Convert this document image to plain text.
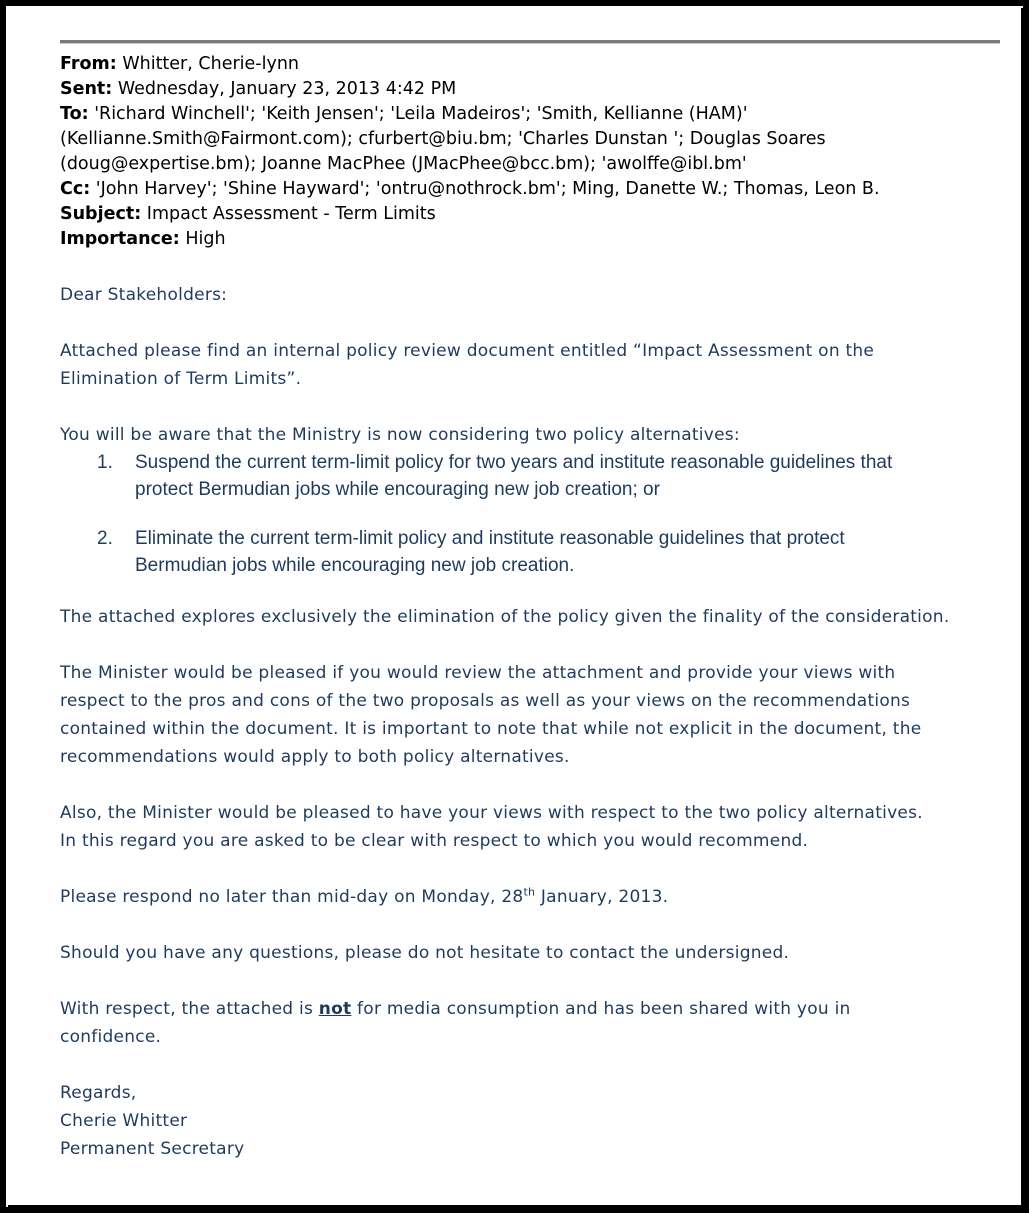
From: Whitter, Cherie-lynn
Sent: Wednesday, January 23, 2013 4:42 PM
To: 'Richard Winchell'; 'Keith Jensen'; 'Leila Madeiros'; 'Smith, Kellianne (HAM)'
(Kellianne.Smith@Fairmont.com); cfurbert@biu.bm; 'Charles Dunstan '; Douglas Soares
(doug@expertise.bm); Joanne MacPhee (JMacPhee@bcc.bm); 'awolffe@ibl.bm'
Cc: 'John Harvey'; 'Shine Hayward'; 'ontru@nothrock.bm'; Ming, Danette W.; Thomas, Leon B.
Subject: Impact Assessment - Term Limits
Importance: High

Dear Stakeholders:

Attached please find an internal policy review document entitled “Impact Assessment on the

Elimination of Term Limits”.

You will be aware that the Ministry is now considering two policy alternatives:

1. Suspend the current term-limit policy for two years and institute reasonable guidelines that
protect Bermudian jobs while encouraging new job creation; or
2. Eliminate the current term-limit policy and institute reasonable guidelines that protect
Bermudian jobs while encouraging new job creation.

The attached explores exclusively the elimination of the policy given the finality of the consideration.

The Minister would be pleased if you would review the attachment and provide your views with

respect to the pros and cons of the two proposals as well as your views on the recommendations

contained within the document. It is important to note that while not explicit in the document, the

recommendations would apply to both policy alternatives.

Also, the Minister would be pleased to have your views with respect to the two policy alternatives.

In this regard you are asked to be clear with respect to which you would recommend.

Please respond no later than mid-day on Monday, 28th January, 2013.

Should you have any questions, please do not hesitate to contact the undersigned.

With respect, the attached is not for media consumption and has been shared with you in

confidence.

Regards,

Cherie Whitter

Permanent Secretary
